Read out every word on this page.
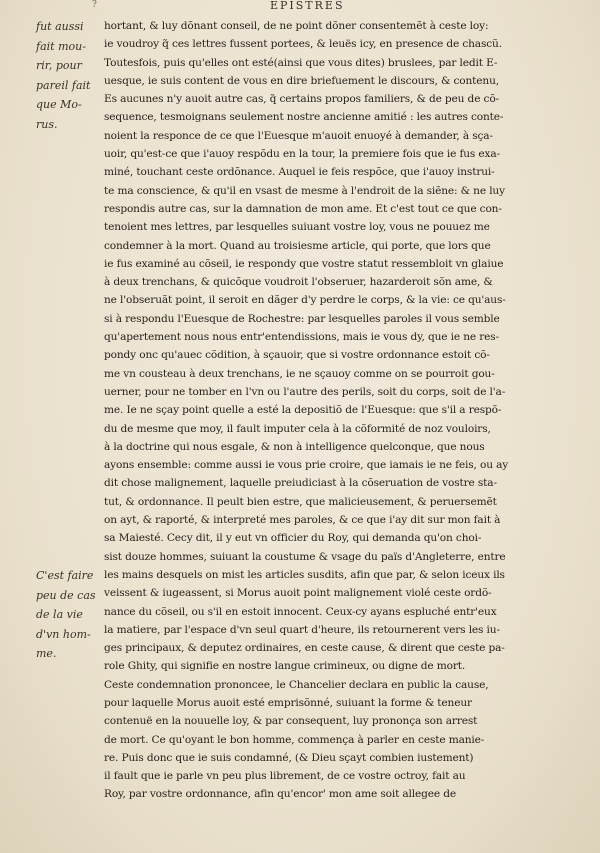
?	EPISTRES
fut aussi
fait mou-
rir, pour
pareil fait
que Mo-
rus.
C'est faire
peu de cas
de la vie
d'vn hom-
me.
hortant, & luy dõnant conseil, de ne point dõner consentemẽt à ceste loy:
ie voudroy q̃ ces lettres fussent portees, & leuës icy, en presence de chascũ.
Toutesfois, puis qu'elles ont esté(ainsi que vous dites) bruslees, par ledit E-
uesque, ie suis content de vous en dire briefuement le discours, & contenu,
Es aucunes n'y auoit autre cas, q̃ certains propos familiers, & de peu de cõ-
sequence, tesmoignans seulement nostre ancienne amitié : les autres conte-
noient la responce de ce que l'Euesque m'auoit enuoyé à demander, à sça-
uoir, qu'est-ce que i'auoy respõdu en la tour, la premiere fois que ie fus exa-
miné, touchant ceste ordõnance. Auquel ie feis respõce, que i'auoy instrui-
te ma conscience, & qu'il en vsast de mesme à l'endroit de la siẽne: & ne luy
respondis autre cas, sur la damnation de mon ame. Et c'est tout ce que con-
tenoient mes lettres, par lesquelles suiuant vostre loy, vous ne pouuez me
condemner à la mort. Quand au troisiesme article, qui porte, que lors que
ie fus examiné au cõseil, ie respondy que vostre statut ressembloit vn glaiue
à deux trenchans, & quicõque voudroit l'obseruer, hazarderoit sõn ame, &
ne l'obseruãt point, il seroit en dãger d'y perdre le corps, & la vie: ce qu'aus-
si à respondu l'Euesque de Rochestre: par lesquelles paroles il vous semble
qu'apertement nous nous entr'entendissions, mais ie vous dy, que ie ne res-
pondy onc qu'auec cõdition, à sçauoir, que si vostre ordonnance estoit cõ-
me vn cousteau à deux trenchans, ie ne sçauoy comme on se pourroit gou-
uerner, pour ne tomber en l'vn ou l'autre des perils, soit du corps, soit de l'a-
me. Ie ne sçay point quelle a esté la depositiõ de l'Euesque: que s'il a respõ-
du de mesme que moy, il fault imputer cela à la cõformité de noz vouloirs,
à la doctrine qui nous esgale, & non à intelligence quelconque, que nous
ayons ensemble: comme aussi ie vous prie croire, que iamais ie ne feis, ou ay
dit chose malignement, laquelle preiudiciast à la cõseruation de vostre sta-
tut, & ordonnance. Il peult bien estre, que malicieusement, & peruersemẽt
on ayt, & raporté, & interpreté mes paroles, & ce que i'ay dit sur mon fait à
sa Maiesté. Cecy dit, il y eut vn officier du Roy, qui demanda qu'on choi-
sist douze hommes, suiuant la coustume & vsage du païs d'Angleterre, entre
les mains desquels on mist les articles susdits, afin que par, & selon iceux ils
veissent & iugeassent, si Morus auoit point malignement violé ceste ordõ-
nance du cõseil, ou s'il en estoit innocent. Ceux-cy ayans espluché entr'eux
la matiere, par l'espace d'vn seul quart d'heure, ils retournerent vers les iu-
ges principaux, & deputez ordinaires, en ceste cause, & dirent que ceste pa-
role Ghity, qui signifie en nostre langue crimineux, ou digne de mort.
Ceste condemnation prononcee, le Chancelier declara en public la cause,
pour laquelle Morus auoit esté emprisõnné, suiuant la forme & teneur
contenuë en la nouuelle loy, & par consequent, luy prononça son arrest
de mort. Ce qu'oyant le bon homme, commença à parler en ceste manie-
re. Puis donc que ie suis condamné, (& Dieu sçayt combien iustement)
il fault que ie parle vn peu plus librement, de ce vostre octroy, fait au
Roy, par vostre ordonnance, afin qu'encor' mon ame soit allegee de
